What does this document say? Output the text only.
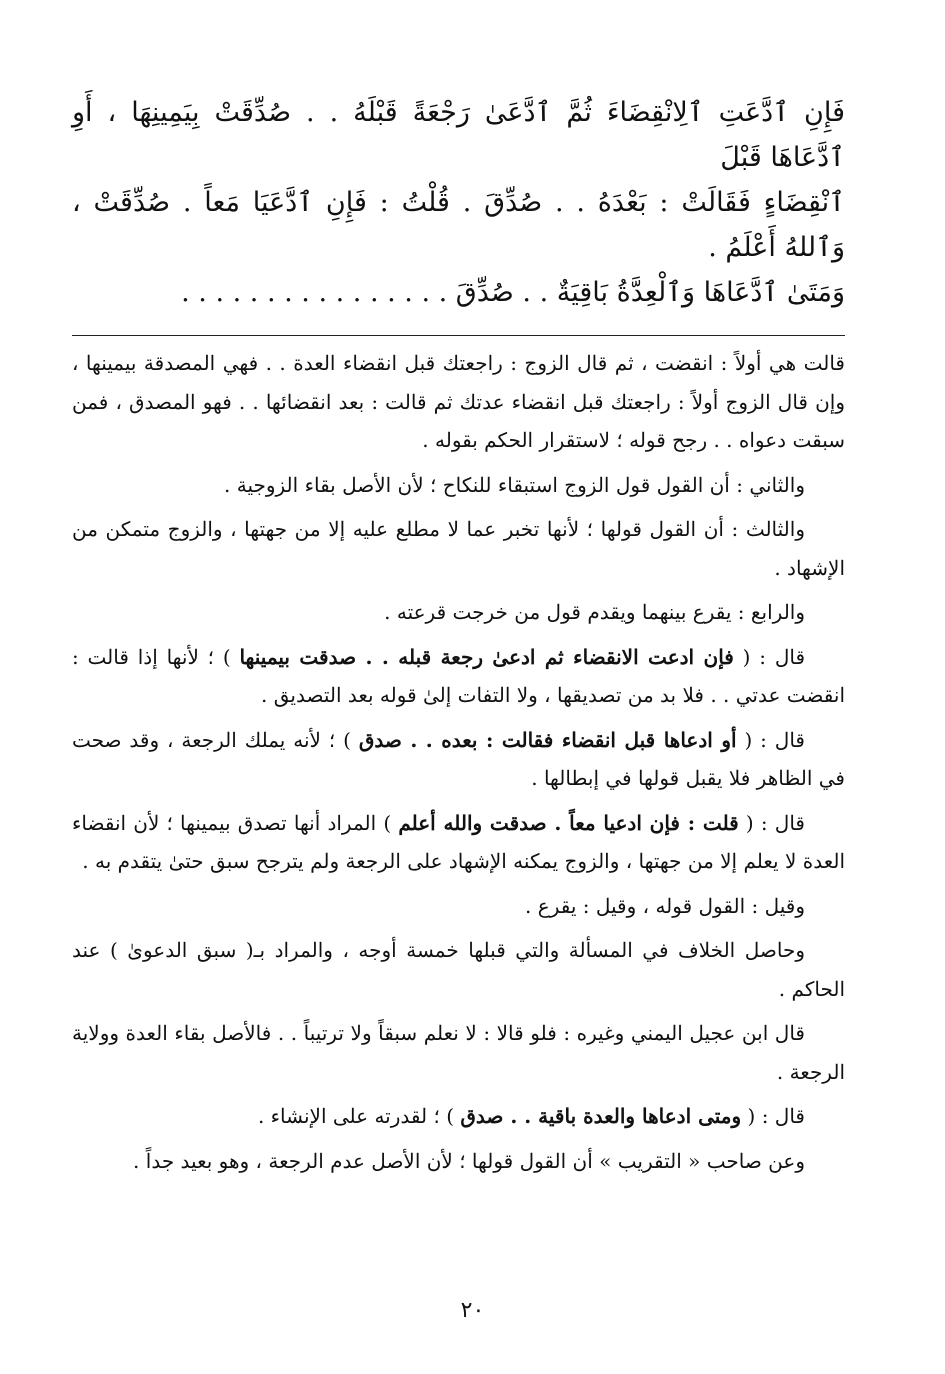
فَإِنِ ٱدَّعَتِ ٱلِانْقِضَاءَ ثُمَّ ٱدَّعَىٰ رَجْعَةً قَبْلَهُ . . صُدِّقَتْ بِيَمِينِهَا ، أَوِ ٱدَّعَاهَا قَبْلَ

ٱنْقِضَاءٍ فَقَالَتْ : بَعْدَهُ . . صُدِّقَ . قُلْتُ : فَإِنِ ٱدَّعَيَا مَعاً . صُدِّقَتْ ، وَٱللهُ أَعْلَمُ .

وَمَتَىٰ ٱدَّعَاهَا وَٱلْعِدَّةُ بَاقِيَةٌ . . صُدِّقَ . . . . . . . . . . . . . . . .

قالت هي أولاً : انقضت ، ثم قال الزوج : راجعتك قبل انقضاء العدة . . فهي المصدقة بيمينها ، وإن قال الزوج أولاً : راجعتك قبل انقضاء عدتك ثم قالت : بعد انقضائها . . فهو المصدق ، فمن سبقت دعواه . . رجح قوله ؛ لاستقرار الحكم بقوله .

والثاني : أن القول قول الزوج استبقاء للنكاح ؛ لأن الأصل بقاء الزوجية .

والثالث : أن القول قولها ؛ لأنها تخبر عما لا مطلع عليه إلا من جهتها ، والزوج متمكن من الإشهاد .

والرابع : يقرع بينهما ويقدم قول من خرجت قرعته .

قال : ( فإن ادعت الانقضاء ثم ادعىٰ رجعة قبله . . صدقت بيمينها ) ؛ لأنها إذا قالت : انقضت عدتي . . فلا بد من تصديقها ، ولا التفات إلىٰ قوله بعد التصديق .

قال : ( أو ادعاها قبل انقضاء فقالت : بعده . . صدق ) ؛ لأنه يملك الرجعة ، وقد صحت في الظاهر فلا يقبل قولها في إبطالها .

قال : ( قلت : فإن ادعيا معاً . صدقت والله أعلم ) المراد أنها تصدق بيمينها ؛ لأن انقضاء العدة لا يعلم إلا من جهتها ، والزوج يمكنه الإشهاد على الرجعة ولم يترجح سبق حتىٰ يتقدم به .

وقيل : القول قوله ، وقيل : يقرع .

وحاصل الخلاف في المسألة والتي قبلها خمسة أوجه ، والمراد بـ( سبق الدعوىٰ ) عند الحاكم .

قال ابن عجيل اليمني وغيره : فلو قالا : لا نعلم سبقاً ولا ترتيباً . . فالأصل بقاء العدة وولاية الرجعة .

قال : ( ومتى ادعاها والعدة باقية . . صدق ) ؛ لقدرته على الإنشاء .

وعن صاحب « التقريب » أن القول قولها ؛ لأن الأصل عدم الرجعة ، وهو بعيد جداً .

٢٠
